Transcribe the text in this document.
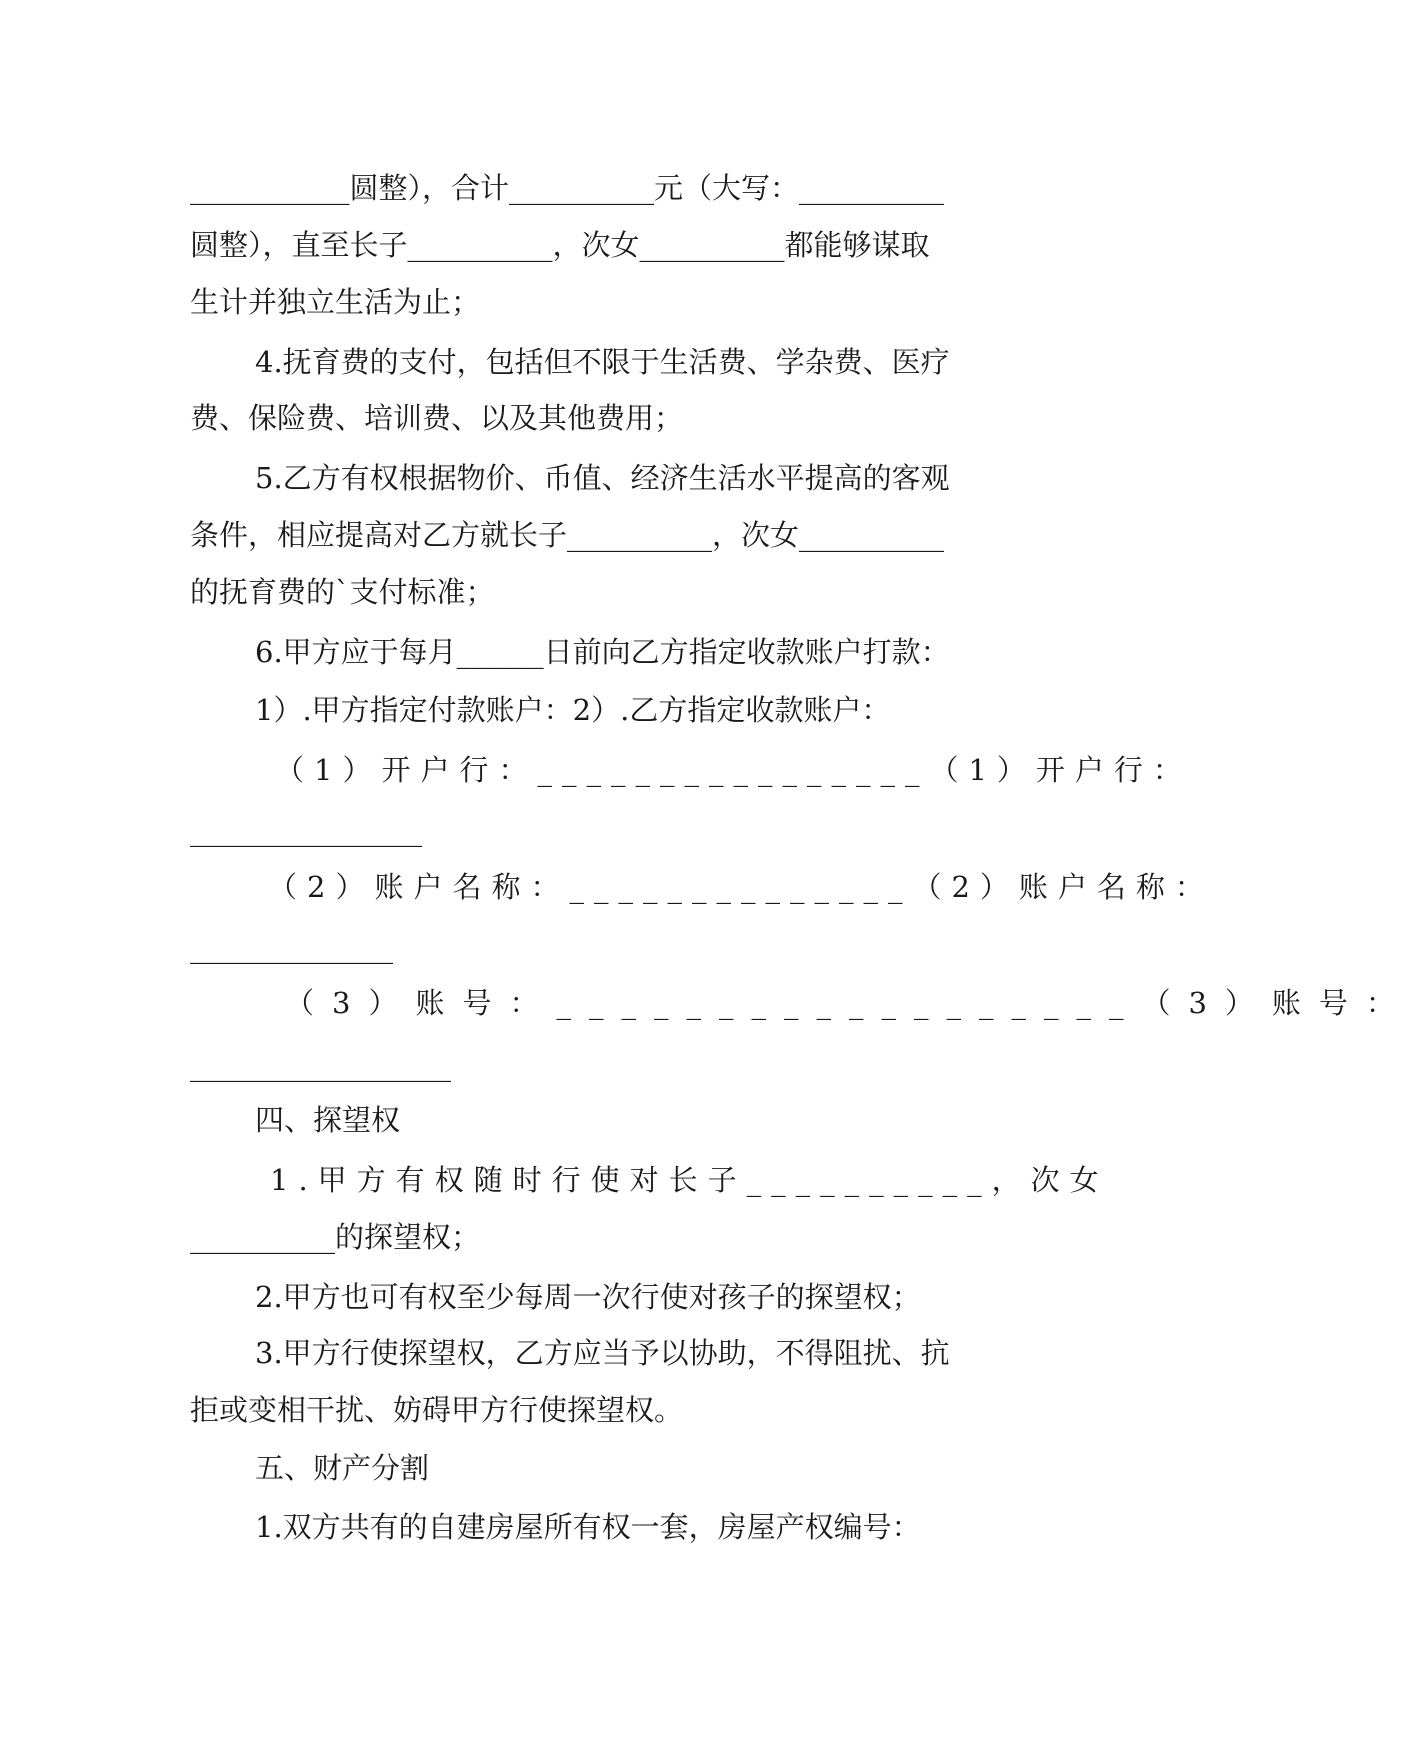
___________圆整），合计__________元（大写：__________
圆整），直至长子__________，次女__________都能够谋取
生计并独立生活为止；
4.抚育费的支付，包括但不限于生活费、学杂费、医疗
费、保险费、培训费、以及其他费用；
5.乙方有权根据物价、币值、经济生活水平提高的客观
条件，相应提高对乙方就长子__________，次女__________
的抚育费的`支付标准；
6.甲方应于每月______日前向乙方指定收款账户打款：
1）.甲方指定付款账户：2）.乙方指定收款账户：
（1）开户行：________________（1）开户行：
________________
（2）账户名称：______________（2）账户名称：
______________
（3）账号：__________________（3）账号：
__________________
四、探望权
1.甲方有权随时行使对长子__________，次女
__________的探望权；
2.甲方也可有权至少每周一次行使对孩子的探望权；
3.甲方行使探望权，乙方应当予以协助，不得阻扰、抗
拒或变相干扰、妨碍甲方行使探望权。
五、财产分割
1.双方共有的自建房屋所有权一套，房屋产权编号：
